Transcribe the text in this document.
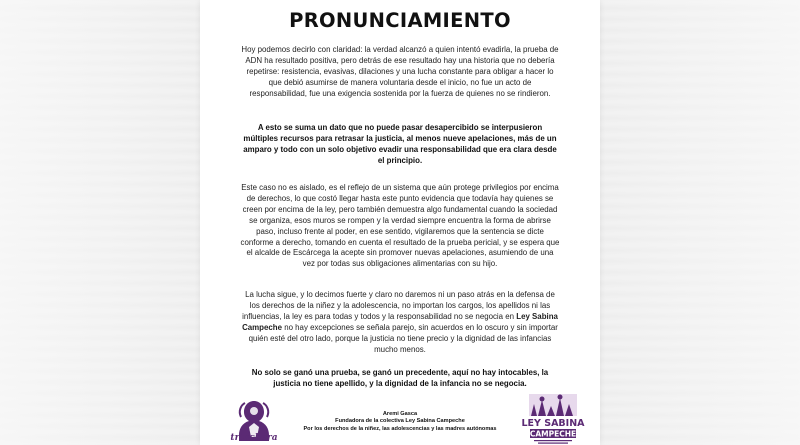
PRONUNCIAMIENTO

Hoy podemos decirlo con claridad: la verdad alcanzó a quien intentó evadirla, la prueba de ADN ha resultado positiva, pero detrás de ese resultado hay una historia que no debería repetirse: resistencia, evasivas, dilaciones y una lucha constante para obligar a hacer lo que debió asumirse de manera voluntaria desde el inicio, no fue un acto de responsabilidad, fue una exigencia sostenida por la fuerza de quienes no se rindieron.

A esto se suma un dato que no puede pasar desapercibido se interpusieron múltiples recursos para retrasar la justicia, al menos nueve apelaciones, más de un amparo y todo con un solo objetivo evadir una responsabilidad que era clara desde el principio.

Este caso no es aislado, es el reflejo de un sistema que aún protege privilegios por encima de derechos, lo que costó llegar hasta este punto evidencia que todavía hay quienes se creen por encima de la ley, pero también demuestra algo fundamental cuando la sociedad se organiza, esos muros se rompen y la verdad siempre encuentra la forma de abrirse paso, incluso frente al poder, en ese sentido, vigilaremos que la sentencia se dicte conforme a derecho, tomando en cuenta el resultado de la prueba pericial, y se espera que el alcalde de Escárcega la acepte sin promover nuevas apelaciones, asumiendo de una vez por todas sus obligaciones alimentarias con su hijo.

La lucha sigue, y lo decimos fuerte y claro no daremos ni un paso atrás en la defensa de los derechos de la niñez y la adolescencia, no importan los cargos, los apellidos ni las influencias, la ley es para todas y todos y la responsabilidad no se negocia en Ley Sabina Campeche no hay excepciones se señala parejo, sin acuerdos en lo oscuro y sin importar quién esté del otro lado, porque la justicia no tiene precio y la dignidad de las infancias mucho menos.

No solo se ganó una prueba, se ganó un precedente, aquí no hay intocables, la justicia no tiene apellido, y la dignidad de la infancia no se negocia.

Aremi Gasca
Fundadora de la colectiva Ley Sabina Campeche
Por los derechos de la niñez, las adolescencias y las madres autónomas
trinchera
LEY SABINA
CAMPECHE
